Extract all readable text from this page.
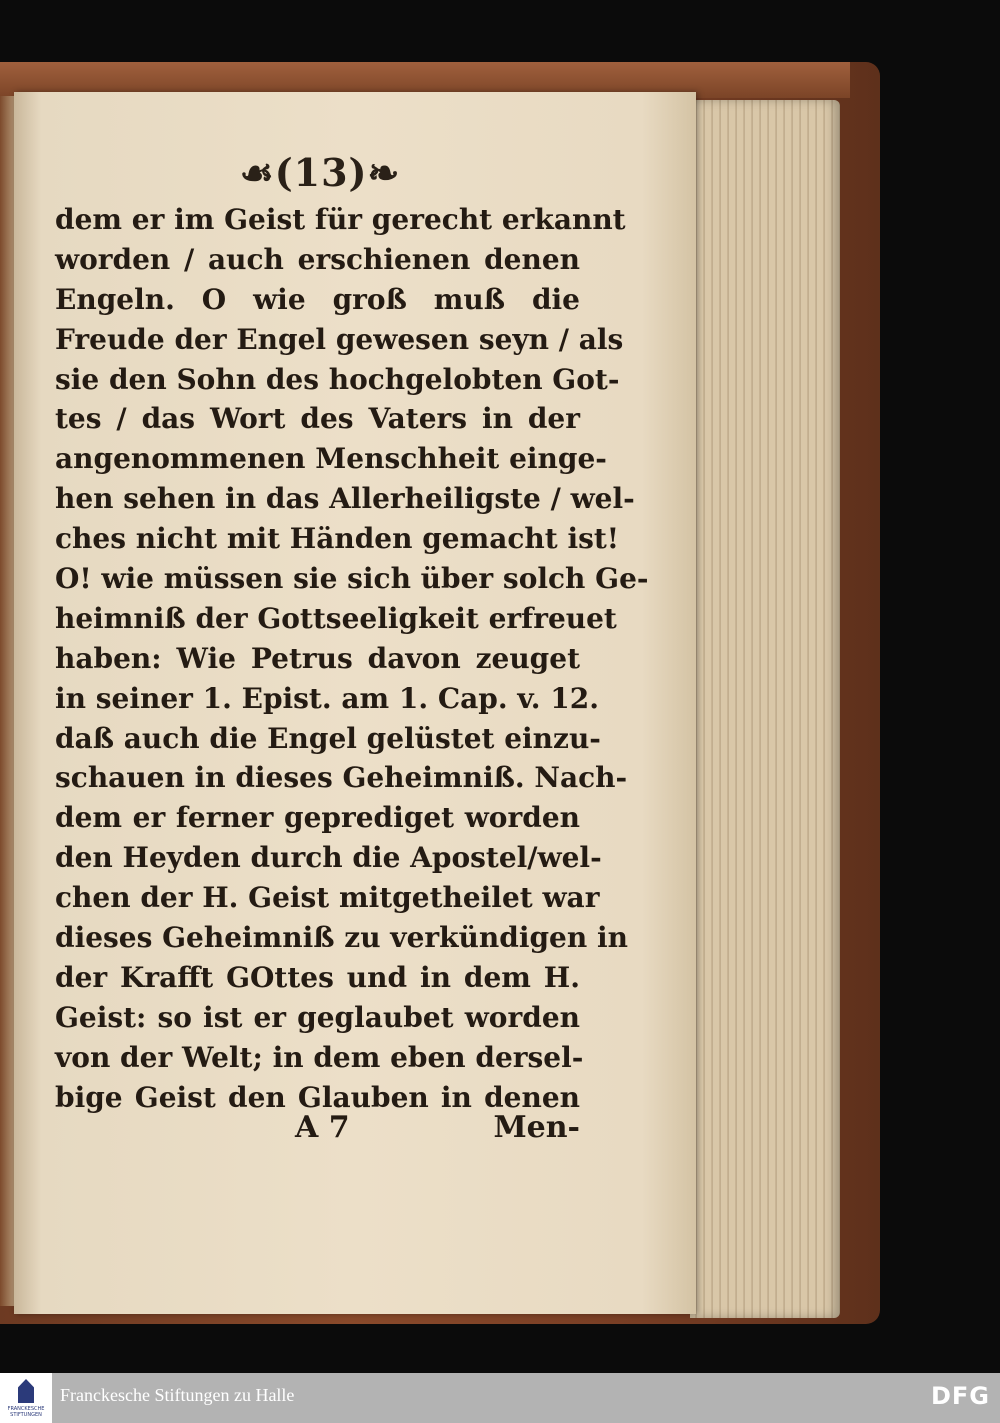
☙(13)❧
dem er im Geist für gerecht erkannt
worden / auch erschienen denen
Engeln. O wie groß muß die
Freude der Engel gewesen seyn / als
sie den Sohn des hochgelobten Got-
tes / das Wort des Vaters in der
angenommenen Menschheit einge-
hen sehen in das Allerheiligste / wel-
ches nicht mit Händen gemacht ist!
O! wie müssen sie sich über solch Ge-
heimniß der Gottseeligkeit erfreuet
haben: Wie Petrus davon zeuget
in seiner 1. Epist. am 1. Cap. v. 12.
daß auch die Engel gelüstet einzu-
schauen in dieses Geheimniß. Nach-
dem er ferner geprediget worden
den Heyden durch die Apostel/wel-
chen der H. Geist mitgetheilet war
dieses Geheimniß zu verkündigen in
der Krafft GOttes und in dem H.
Geist: so ist er geglaubet worden
von der Welt; in dem eben dersel-
bige Geist den Glauben in denen
A 7	Men-
FRANCKESCHE STIFTUNGEN
Franckesche Stiftungen zu Halle	DFG
